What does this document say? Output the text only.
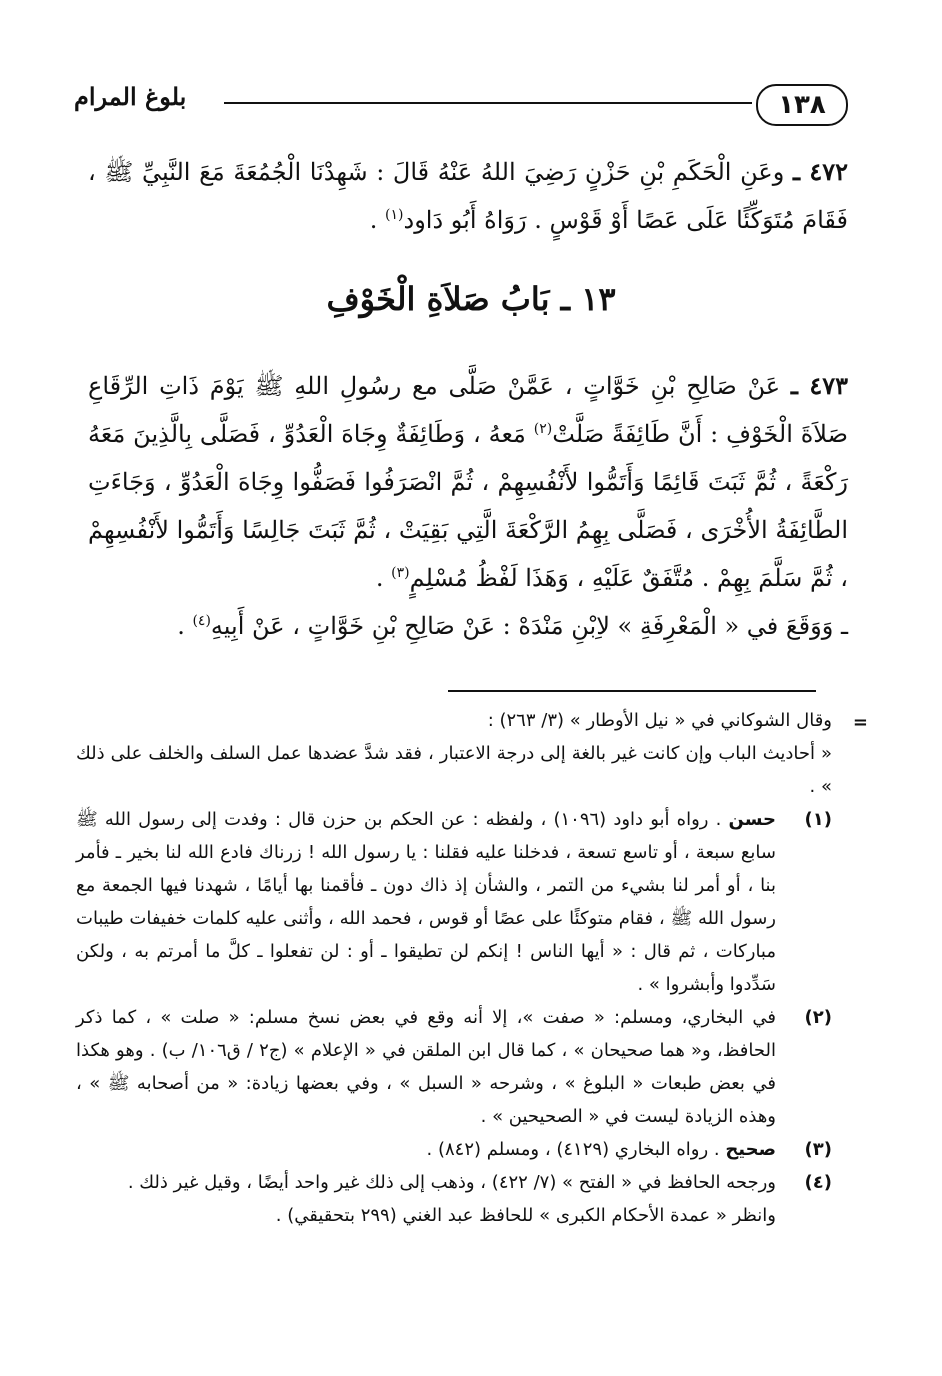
١٣٨
بلوغ المرام

٤٧٢ ـ وعَنِ الْحَكَمِ بْنِ حَزْنٍ رَضِيَ اللهُ عَنْهُ قَالَ : شَهِدْنَا الْجُمُعَةَ مَعَ النَّبِيِّ ﷺ ، فَقَامَ مُتَوَكِّئًا عَلَى عَصًا أَوْ قَوْسٍ . رَوَاهُ أَبُو دَاود$^{(١)}$ .

١٣ ـ بَابُ صَلاَةِ الْخَوْفِ

٤٧٣ ـ عَنْ صَالِحِ بْنِ خَوَّاتٍ ، عَمَّنْ صَلَّى مع رسُولِ اللهِ ﷺ يَوْمَ ذَاتِ الرِّقَاعِ صَلاَةَ الْخَوْفِ : أَنَّ طَائِفَةً صَلَّتْ$^{(٢)}$ مَعهُ ، وَطَائِفَةٌ وِجَاهَ الْعَدُوِّ ، فَصَلَّى بِالَّذِينَ مَعَهُ رَكْعَةً ، ثُمَّ ثَبَتَ قَائِمًا وَأَتَمُّوا لأَنْفُسِهِمْ ، ثُمَّ انْصَرَفُوا فَصَفُّوا وِجَاهَ الْعَدُوِّ ، وَجَاءَتِ الطَّائِفَةُ الأُخْرَى ، فَصَلَّى بِهِمُ الرَّكْعَةَ الَّتِي بَقِيَتْ ، ثُمَّ ثَبَتَ جَالِسًا وَأَتَمُّوا لأَنْفُسِهِمْ ، ثُمَّ سَلَّمَ بِهِمْ . مُتَّفَقٌ عَلَيْهِ ، وَهَذَا لَفْظُ مُسْلِمٍ$^{(٣)}$ .

ـ وَوَقَعَ في « الْمَعْرِفَةِ » لاِبْنِ مَنْدَهْ : عَنْ صَالِحِ بْنِ خَوَّاتٍ ، عَنْ أَبِيهِ$^{(٤)}$ .

=
وقال الشوكاني في « نيل الأوطار » (٣/ ٢٦٣) :
« أحاديث الباب وإن كانت غير بالغة إلى درجة الاعتبار ، فقد شدَّ عضدها عمل السلف والخلف على ذلك » .
(١)
حسن . رواه أبو داود (١٠٩٦) ، ولفظه : عن الحكم بن حزن قال : وفدت إلى رسول الله ﷺ سابع سبعة ، أو تاسع تسعة ، فدخلنا عليه فقلنا : يا رسول الله ! زرناك فادع الله لنا بخير ـ فأمر بنا ، أو أمر لنا بشيء من التمر ، والشأن إذ ذاك دون ـ فأقمنا بها أيامًا ، شهدنا فيها الجمعة مع رسول الله ﷺ ، فقام متوكئًا على عصًا أو قوس ، فحمد الله ، وأثنى عليه كلمات خفيفات طيبات مباركات ، ثم قال : « أيها الناس ! إنكم لن تطيقوا ـ أو : لن تفعلوا ـ كلَّ ما أمرتم به ، ولكن سَدِّدوا وأبشروا » .
(٢)
في البخاري، ومسلم: « صفت »، إلا أنه وقع في بعض نسخ مسلم: « صلت » ، كما ذكر الحافظ، و« هما صحيحان » ، كما قال ابن الملقن في « الإعلام » (ج٢ / ق١٠٦/ ب) . وهو هكذا في بعض طبعات « البلوغ » ، وشرحه « السبل » ، وفي بعضها زيادة: « من أصحابه ﷺ » ، وهذه الزيادة ليست في « الصحيحين » .
(٣)
صحيح . رواه البخاري (٤١٢٩) ، ومسلم (٨٤٢) .
(٤)
ورجحه الحافظ في « الفتح » (٧/ ٤٢٢) ، وذهب إلى ذلك غير واحد أيضًا ، وقيل غير ذلك .
وانظر « عمدة الأحكام الكبرى » للحافظ عبد الغني (٢٩٩ بتحقيقي) .
